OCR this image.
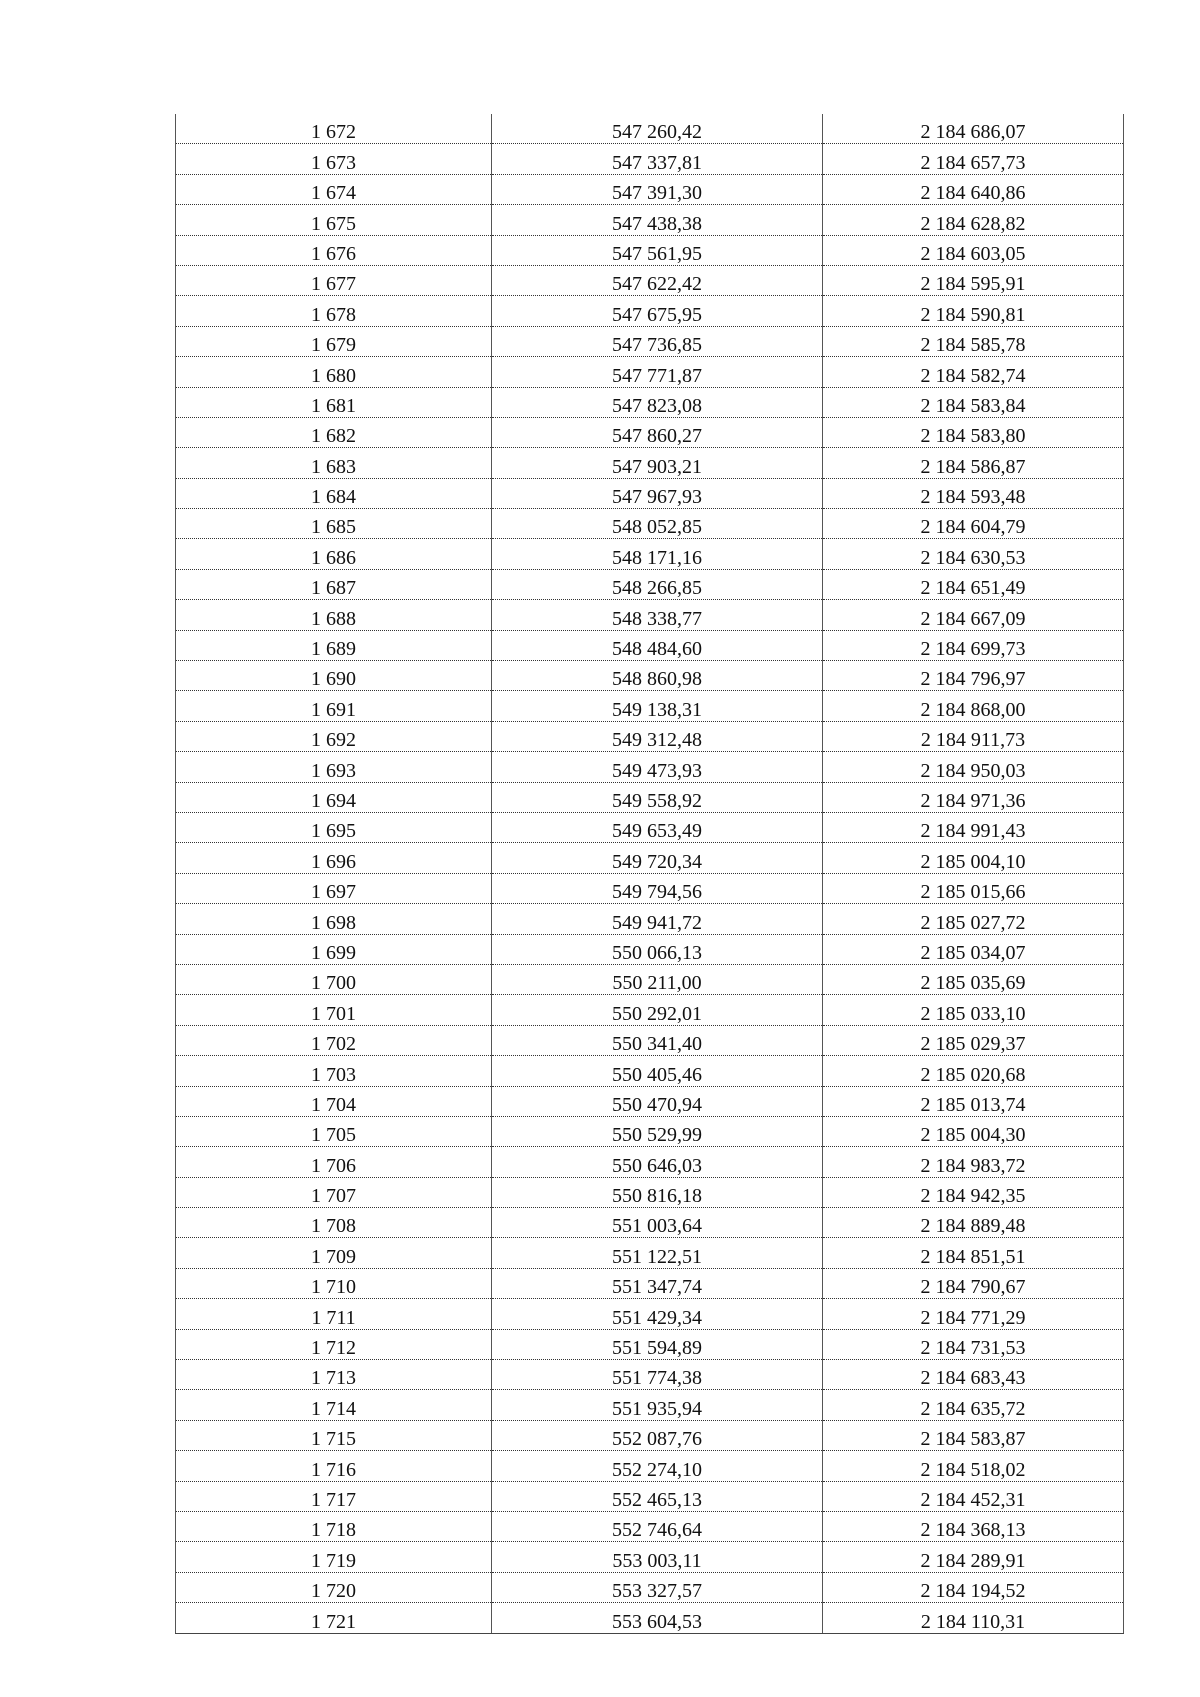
1 672	547 260,42	2 184 686,07
1 673	547 337,81	2 184 657,73
1 674	547 391,30	2 184 640,86
1 675	547 438,38	2 184 628,82
1 676	547 561,95	2 184 603,05
1 677	547 622,42	2 184 595,91
1 678	547 675,95	2 184 590,81
1 679	547 736,85	2 184 585,78
1 680	547 771,87	2 184 582,74
1 681	547 823,08	2 184 583,84
1 682	547 860,27	2 184 583,80
1 683	547 903,21	2 184 586,87
1 684	547 967,93	2 184 593,48
1 685	548 052,85	2 184 604,79
1 686	548 171,16	2 184 630,53
1 687	548 266,85	2 184 651,49
1 688	548 338,77	2 184 667,09
1 689	548 484,60	2 184 699,73
1 690	548 860,98	2 184 796,97
1 691	549 138,31	2 184 868,00
1 692	549 312,48	2 184 911,73
1 693	549 473,93	2 184 950,03
1 694	549 558,92	2 184 971,36
1 695	549 653,49	2 184 991,43
1 696	549 720,34	2 185 004,10
1 697	549 794,56	2 185 015,66
1 698	549 941,72	2 185 027,72
1 699	550 066,13	2 185 034,07
1 700	550 211,00	2 185 035,69
1 701	550 292,01	2 185 033,10
1 702	550 341,40	2 185 029,37
1 703	550 405,46	2 185 020,68
1 704	550 470,94	2 185 013,74
1 705	550 529,99	2 185 004,30
1 706	550 646,03	2 184 983,72
1 707	550 816,18	2 184 942,35
1 708	551 003,64	2 184 889,48
1 709	551 122,51	2 184 851,51
1 710	551 347,74	2 184 790,67
1 711	551 429,34	2 184 771,29
1 712	551 594,89	2 184 731,53
1 713	551 774,38	2 184 683,43
1 714	551 935,94	2 184 635,72
1 715	552 087,76	2 184 583,87
1 716	552 274,10	2 184 518,02
1 717	552 465,13	2 184 452,31
1 718	552 746,64	2 184 368,13
1 719	553 003,11	2 184 289,91
1 720	553 327,57	2 184 194,52
1 721	553 604,53	2 184 110,31
